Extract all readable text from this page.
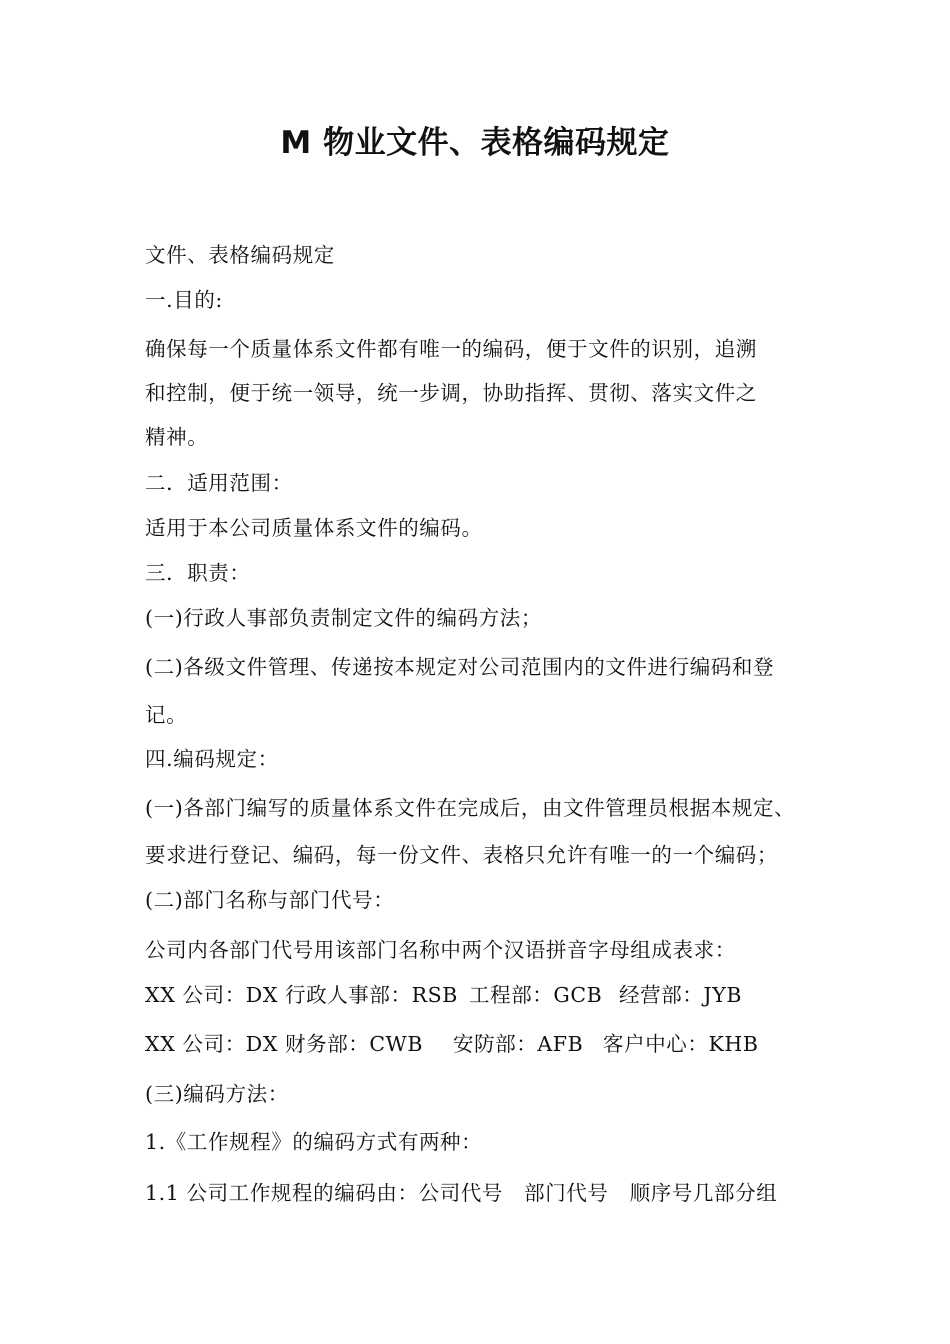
M 物业文件、表格编码规定
文件、表格编码规定
一.目的:
确保每一个质量体系文件都有唯一的编码，便于文件的识别，追溯
和控制，便于统一领导，统一步调，协助指挥、贯彻、落实文件之
精神。
二．适用范围：
适用于本公司质量体系文件的编码。
三．职责：
(一)行政人事部负责制定文件的编码方法；
(二)各级文件管理、传递按本规定对公司范围内的文件进行编码和登
记。
四.编码规定：
(一)各部门编写的质量体系文件在完成后，由文件管理员根据本规定、
要求进行登记、编码，每一份文件、表格只允许有唯一的一个编码；
(二)部门名称与部门代号：
公司内各部门代号用该部门名称中两个汉语拼音字母组成表求：
XX 公司：DX 行政人事部：RSB 工程部：GCB 经营部：JYB
XX 公司：DX 财务部：CWB 安防部：AFB 客户中心：KHB
(三)编码方法：
1.《工作规程》的编码方式有两种：
1.1 公司工作规程的编码由：公司代号　部门代号　顺序号几部分组
